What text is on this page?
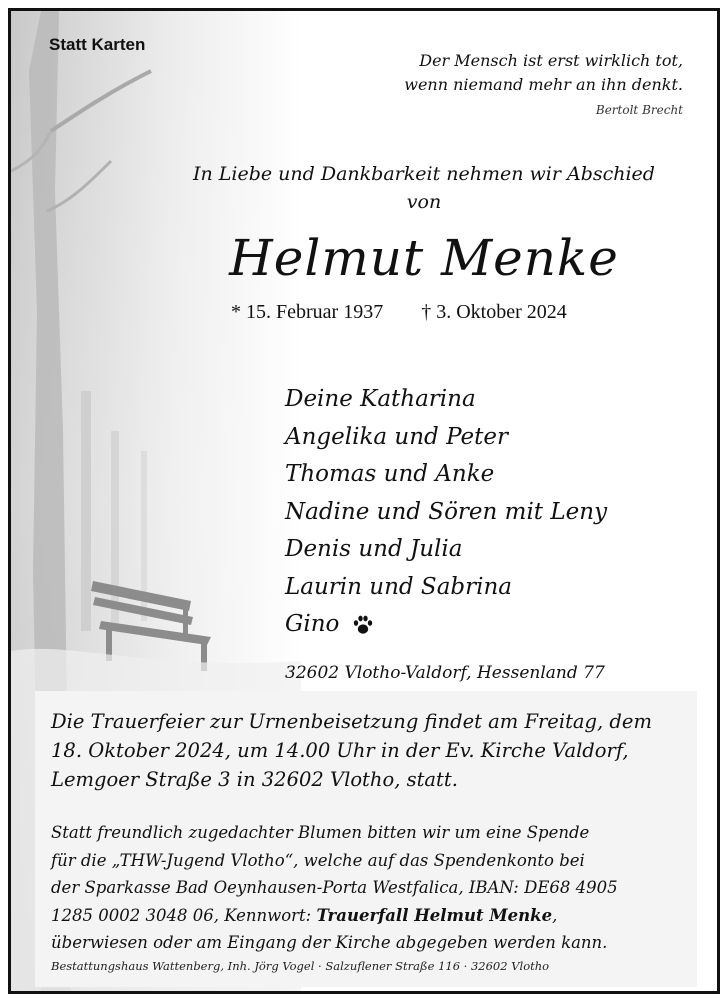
Statt Karten
Der Mensch ist erst wirklich tot,
wenn niemand mehr an ihn denkt.
Bertolt Brecht
In Liebe und Dankbarkeit nehmen wir Abschied
von
Helmut Menke
* 15. Februar 1937 † 3. Oktober 2024
Deine Katharina
Angelika und Peter
Thomas und Anke
Nadine und Sören mit Leny
Denis und Julia
Laurin und Sabrina
Gino
32602 Vlotho-Valdorf, Hessenland 77
Die Trauerfeier zur Urnenbeisetzung findet am Freitag, dem
18. Oktober 2024, um 14.00 Uhr in der Ev. Kirche Valdorf,
Lemgoer Straße 3 in 32602 Vlotho, statt.
Statt freundlich zugedachter Blumen bitten wir um eine Spende
für die „THW-Jugend Vlotho“, welche auf das Spendenkonto bei
der Sparkasse Bad Oeynhausen-Porta Westfalica, IBAN: DE68 4905
1285 0002 3048 06, Kennwort: Trauerfall Helmut Menke,
überwiesen oder am Eingang der Kirche abgegeben werden kann.
Bestattungshaus Wattenberg, Inh. Jörg Vogel · Salzuflener Straße 116 · 32602 Vlotho
